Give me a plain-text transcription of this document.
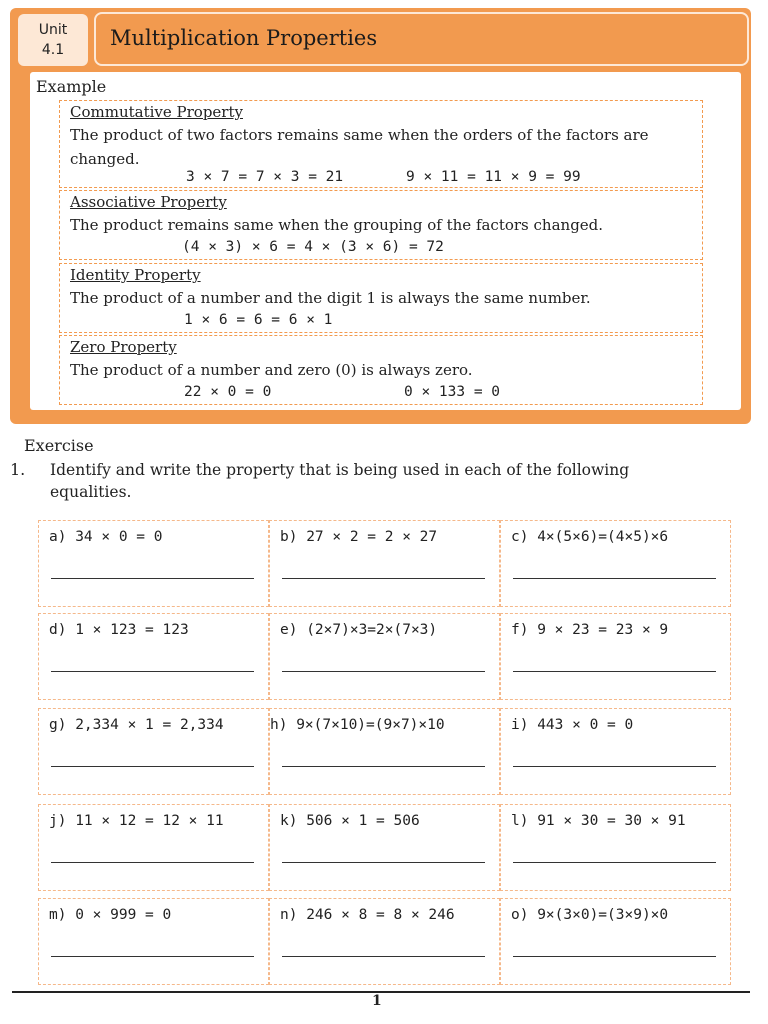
Unit
4.1	Multiplication Properties
Example
Commutative Property
The product of two factors remains same when the orders of the factors are changed.
3 × 7 = 7 × 3 = 21	9 × 11 = 11 × 9 = 99
Associative Property
The product remains same when the grouping of the factors changed.
(4 × 3) × 6 = 4 × (3 × 6) = 72
Identity Property
The product of a number and the digit 1 is always the same number.
1 × 6 = 6 = 6 × 1
Zero Property
The product of a number and zero (0) is always zero.
22 × 0 = 0	0 × 133 = 0
Exercise
1. Identify and write the property that is being used in each of the following equalities.
a) 34 × 0 = 0	b) 27 × 2 = 2 × 27	c) 4×(5×6)=(4×5)×6
d) 1 × 123 = 123	e) (2×7)×3=2×(7×3)	f) 9 × 23 = 23 × 9
g) 2,334 × 1 = 2,334	h) 9×(7×10)=(9×7)×10	i) 443 × 0 = 0
j) 11 × 12 = 12 × 11	k) 506 × 1 = 506	l) 91 × 30 = 30 × 91
m) 0 × 999 = 0	n) 246 × 8 = 8 × 246	o) 9×(3×0)=(3×9)×0
1
